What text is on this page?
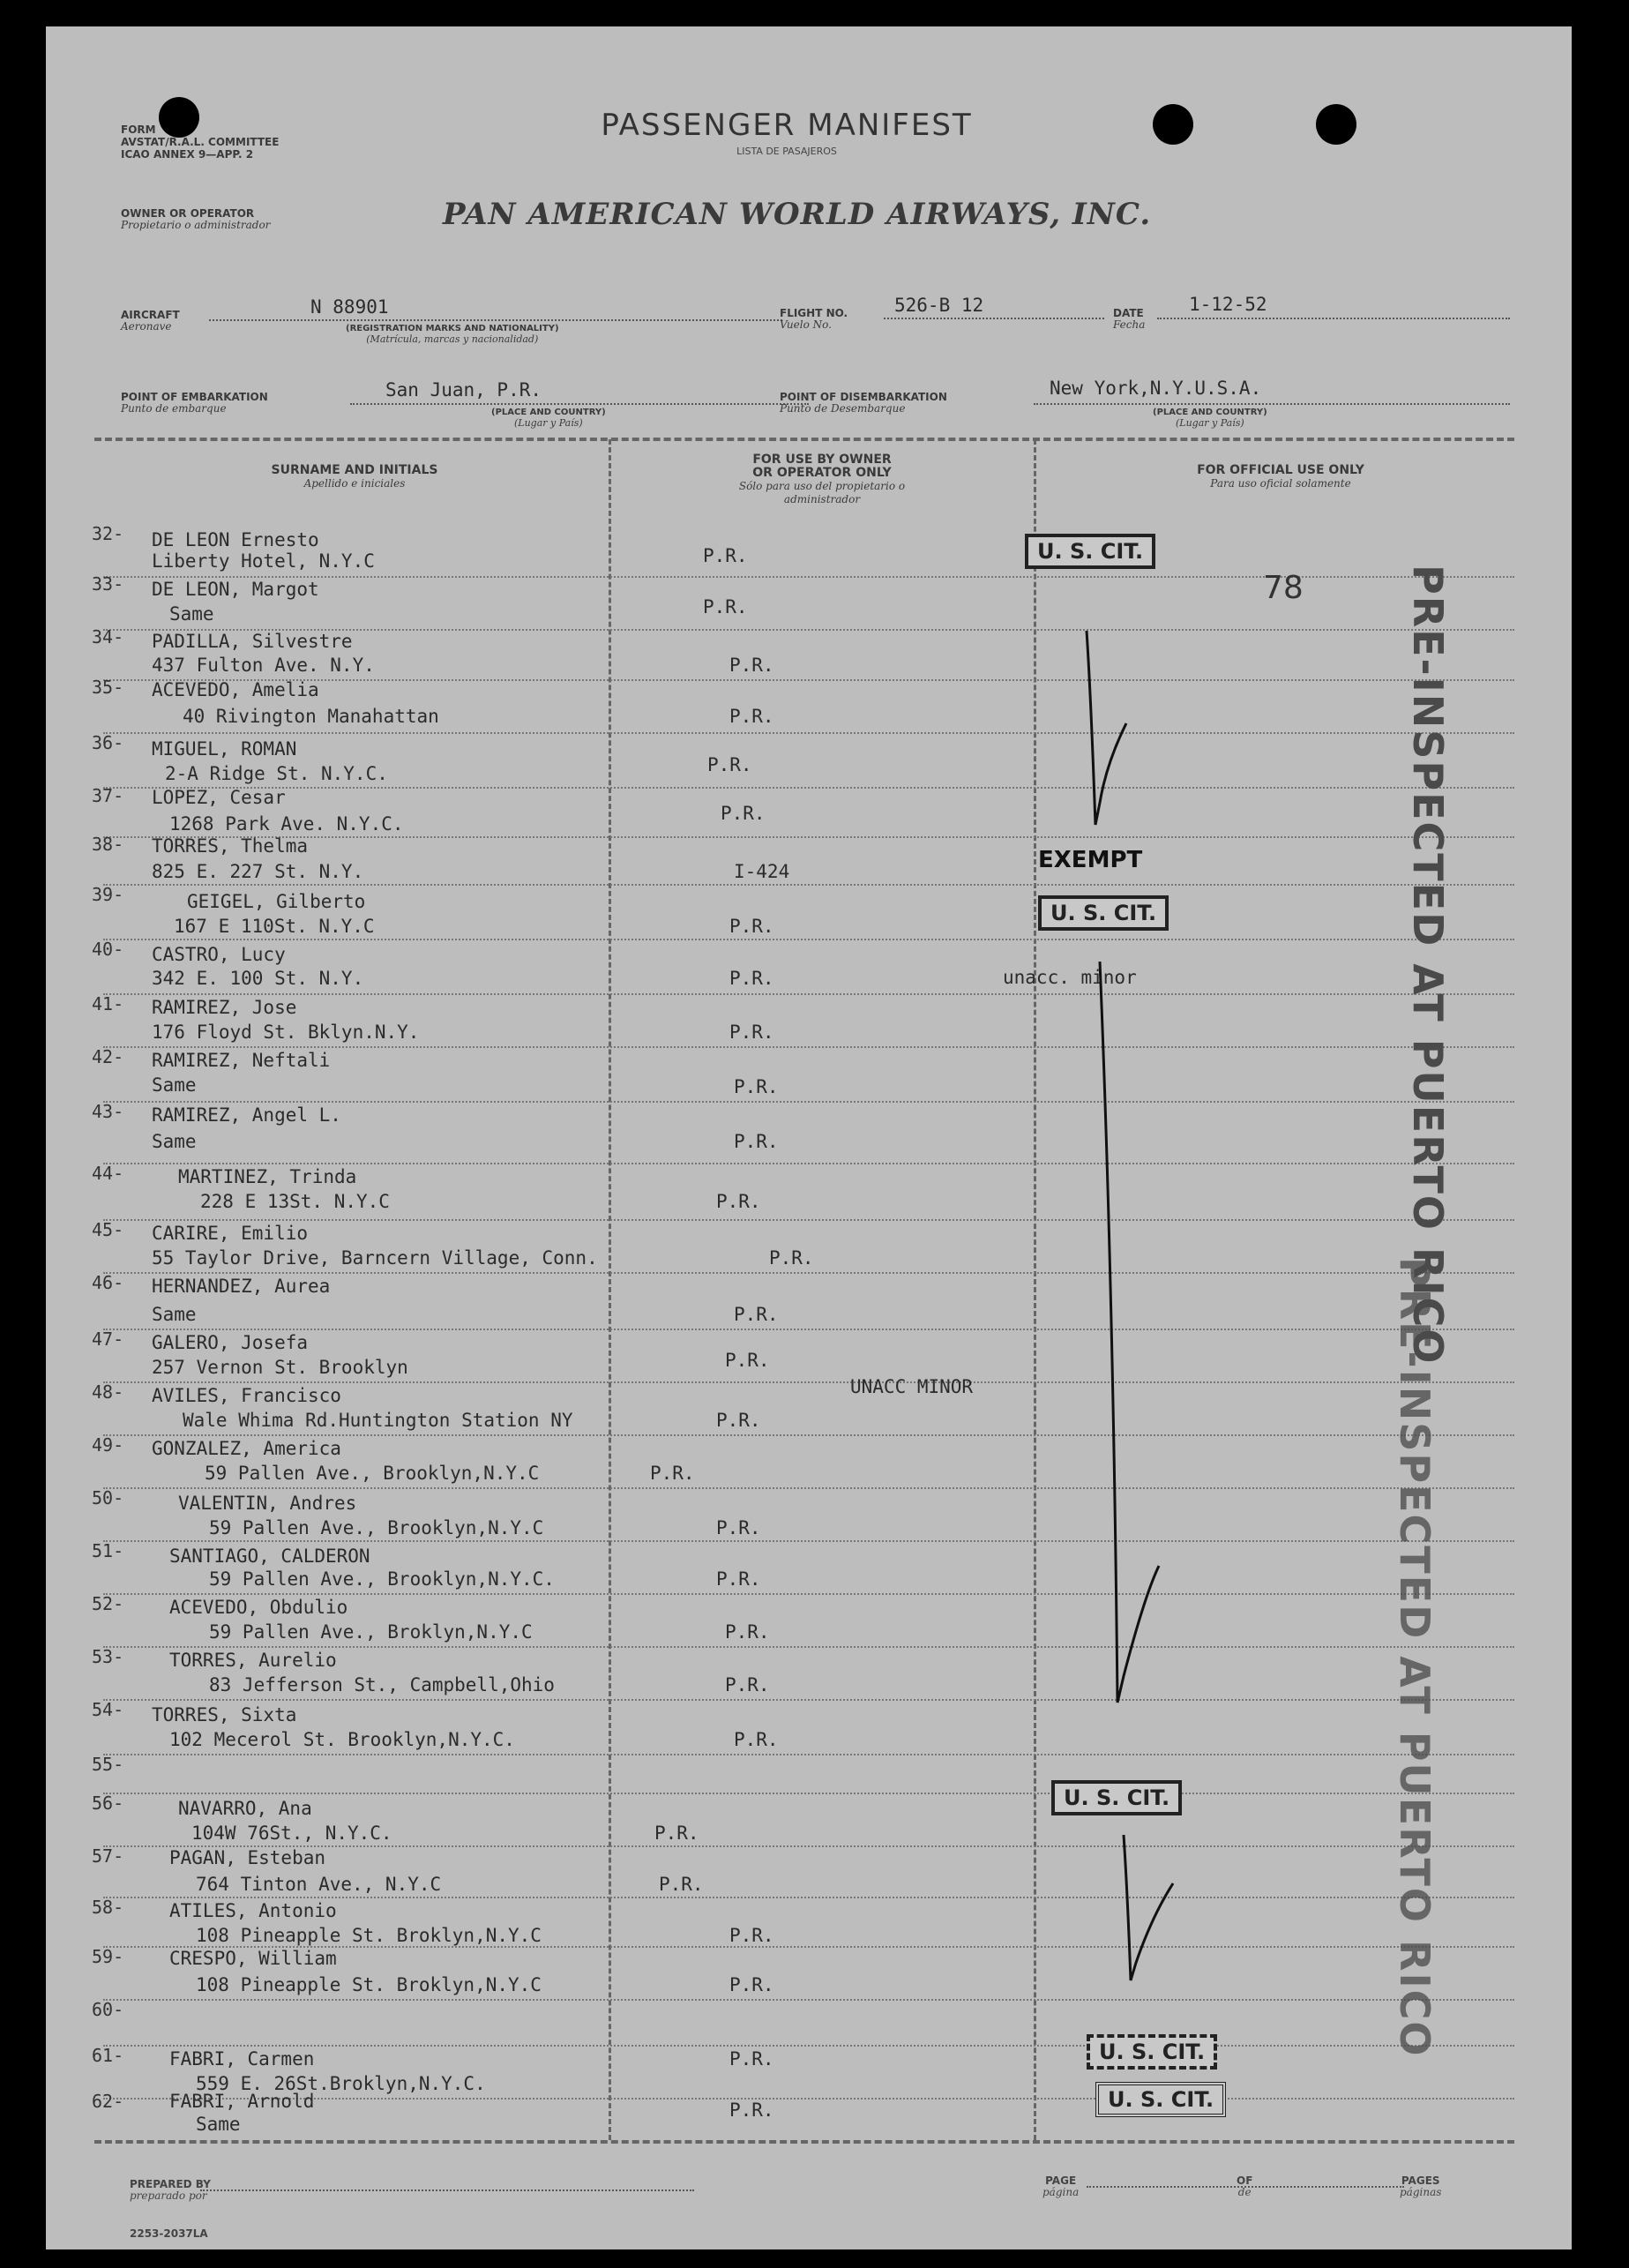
FORM
AVSTAT/R.A.L. COMMITTEE
ICAO ANNEX 9—APP. 2
PASSENGER MANIFEST
LISTA DE PASAJEROS
OWNER OR OPERATOR
Propietario o administrador	PAN AMERICAN WORLD AIRWAYS, INC.
AIRCRAFT
Aeronave
N 88901
(REGISTRATION MARKS AND NATIONALITY)
(Matrícula, marcas y nacionalidad)
FLIGHT NO.
Vuelo No.
526-B 12	DATE
Fecha
1-12-52
POINT OF EMBARKATION
Punto de embarque
San Juan, P.R.
(PLACE AND COUNTRY)
(Lugar y País)
POINT OF DISEMBARKATION
Punto de Desembarque
New York,N.Y.U.S.A.
(PLACE AND COUNTRY)
(Lugar y País)
SURNAME AND INITIALS
Apellido e iniciales
FOR USE BY OWNER OR OPERATOR ONLY
Sólo para uso del propietario o administrador
FOR OFFICIAL USE ONLY
Para uso oficial solamente
32- DE LEON Ernesto
Liberty Hotel, N.Y.C	P.R.
33- DE LEON, Margot
Same	P.R.
34- PADILLA, Silvestre
437 Fulton Ave. N.Y.	P.R.
35- ACEVEDO, Amelia
40 Rivington Manahattan	P.R.
36- MIGUEL, ROMAN
2-A Ridge St. N.Y.C.	P.R.
37- LOPEZ, Cesar
1268 Park Ave. N.Y.C.	P.R.
38- TORRES, Thelma
825 E. 227 St. N.Y.	I-424
39-	GEIGEL, Gilberto
167 E 110St. N.Y.C	P.R.
40- CASTRO, Lucy
342 E. 100 St. N.Y.	P.R.
41- RAMIREZ, Jose
176 Floyd St. Bklyn.N.Y.	P.R.
42- RAMIREZ, Neftali
Same	P.R.
43- RAMIREZ, Angel L.
Same	P.R.
44-	MARTINEZ, Trinda
228 E 13St. N.Y.C	P.R.
45- CARIRE, Emilio
55 Taylor Drive, Barncern Village, Conn.	P.R.
46- HERNANDEZ, Aurea
Same	P.R.
47- GALERO, Josefa
257 Vernon St. Brooklyn	P.R.
48- AVILES, Francisco
Wale Whima Rd.Huntington Station NY	P.R.
49- GONZALEZ, America
59 Pallen Ave., Brooklyn,N.Y.C	P.R.
50-	VALENTIN, Andres
59 Pallen Ave., Brooklyn,N.Y.C	P.R.
51- SANTIAGO, CALDERON
59 Pallen Ave., Brooklyn,N.Y.C.	P.R.
52- ACEVEDO, Obdulio
59 Pallen Ave., Broklyn,N.Y.C	P.R.
53- TORRES, Aurelio
83 Jefferson St., Campbell,Ohio	P.R.
54- TORRES, Sixta
102 Mecerol St. Brooklyn,N.Y.C.	P.R.
55-
56-	NAVARRO, Ana
104W 76St., N.Y.C.	P.R.
57- PAGAN, Esteban
764 Tinton Ave., N.Y.C	P.R.
58- ATILES, Antonio
108 Pineapple St. Broklyn,N.Y.C	P.R.
59- CRESPO, William
108 Pineapple St. Broklyn,N.Y.C	P.R.
60-
61- FABRI, Carmen
559 E. 26St.Broklyn,N.Y.C.
P.R.
62- FABRI, Arnold
Same
P.R.
U. S. CIT.
78
EXEMPT
U. S. CIT.
unacc. minor
UNACC MINOR
U. S. CIT.
U. S. CIT.
U. S. CIT.
PRE-INSPECTED AT PUERTO RICO
PRE-INSPECTED AT PUERTO RICO
PREPARED BY
preparado por
2253-2037LA
PAGE
página
OF
de
PAGES
páginas
